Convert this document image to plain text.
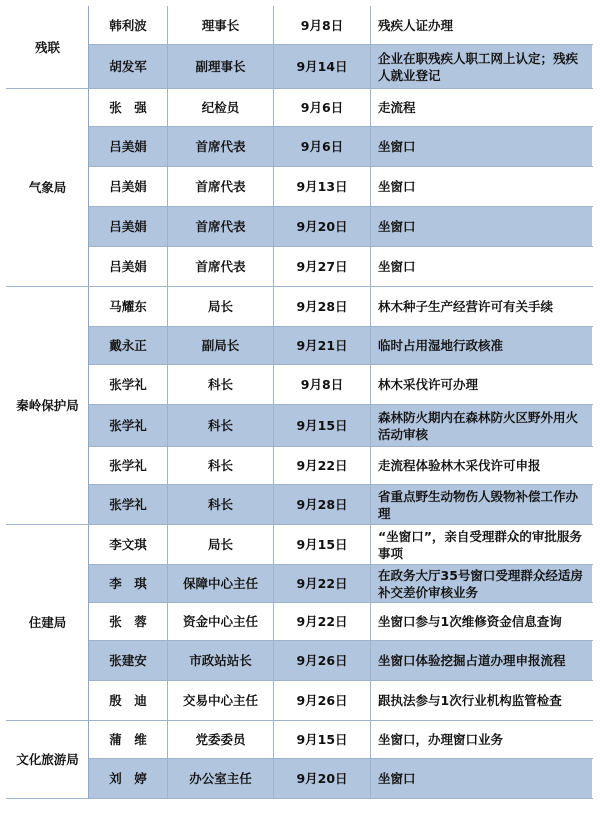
残联	韩利波	理事长	9月8日	残疾人证办理
	胡发军	副理事长	9月14日	企业在职残疾人职工网上认定；残疾人就业登记
气象局	张　强	纪检员	9月6日	走流程
	吕美娟	首席代表	9月6日	坐窗口
	吕美娟	首席代表	9月13日	坐窗口
	吕美娟	首席代表	9月20日	坐窗口
	吕美娟	首席代表	9月27日	坐窗口
秦岭保护局	马耀东	局长	9月28日	林木种子生产经营许可有关手续
	戴永正	副局长	9月21日	临时占用湿地行政核准
	张学礼	科长	9月8日	林木采伐许可办理
	张学礼	科长	9月15日	森林防火期内在森林防火区野外用火活动审核
	张学礼	科长	9月22日	走流程体验林木采伐许可申报
	张学礼	科长	9月28日	省重点野生动物伤人毁物补偿工作办理
住建局	李文琪	局长	9月15日	“坐窗口”，亲自受理群众的审批服务事项
	李　琪	保障中心主任	9月22日	在政务大厅35号窗口受理群众经适房补交差价审核业务
	张　蓉	资金中心主任	9月22日	坐窗口参与1次维修资金信息查询
	张建安	市政站站长	9月26日	坐窗口体验挖掘占道办理申报流程
	殷　迪	交易中心主任	9月26日	跟执法参与1次行业机构监管检查
文化旅游局	蒲　维	党委委员	9月15日	坐窗口，办理窗口业务
	刘　婷	办公室主任	9月20日	坐窗口
